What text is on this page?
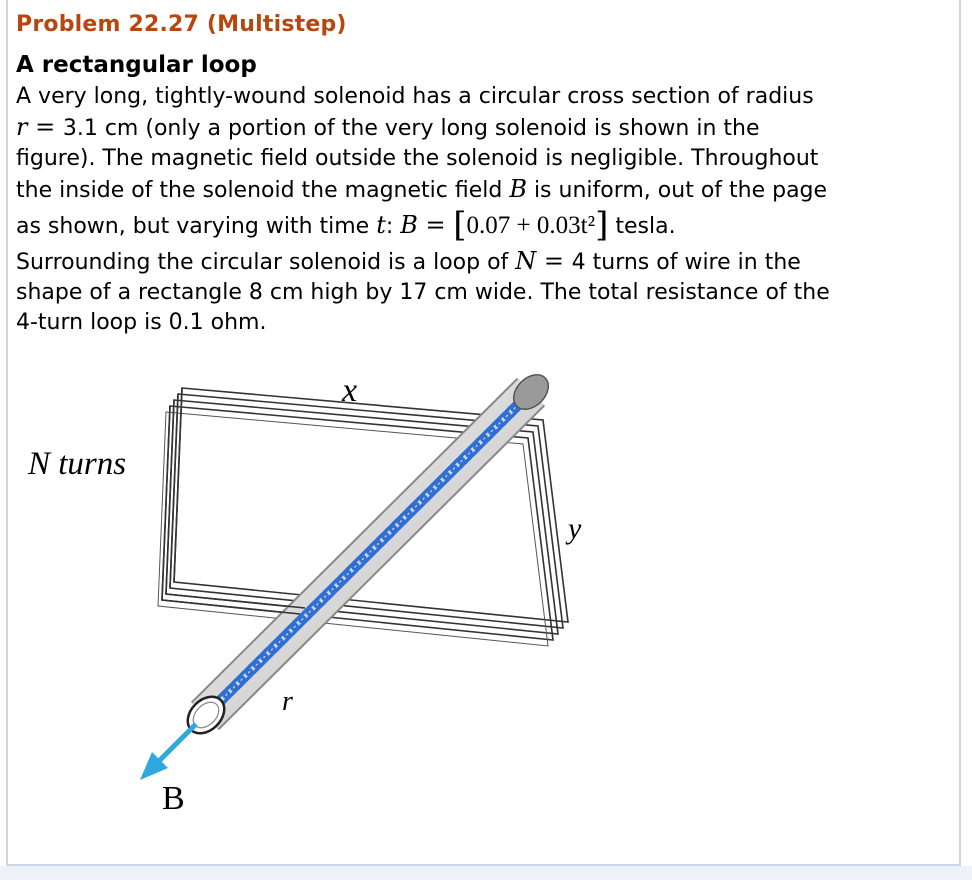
Problem 22.27 (Multistep)
A rectangular loop
A very long, tightly-wound solenoid has a circular cross section of radius
r = 3.1 cm (only a portion of the very long solenoid is shown in the
figure). The magnetic field outside the solenoid is negligible. Throughout
the inside of the solenoid the magnetic field B is uniform, out of the page
as shown, but varying with time t: B = [0.07 + 0.03t²] tesla.
Surrounding the circular solenoid is a loop of N = 4 turns of wire in the
shape of a rectangle 8 cm high by 17 cm wide. The total resistance of the
4-turn loop is 0.1 ohm.
x
y
N turns
r
B
